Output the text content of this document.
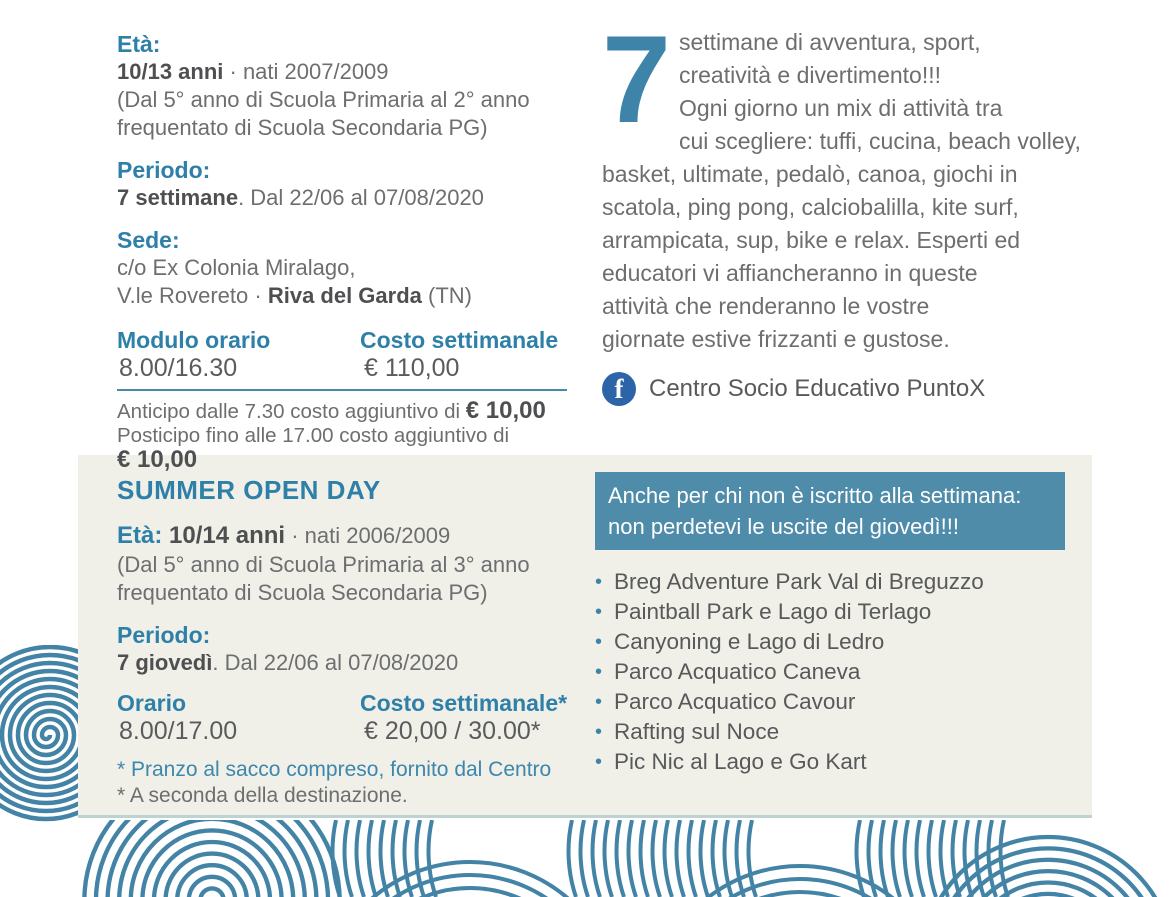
Età:
10/13 anni · nati 2007/2009
(Dal 5° anno di Scuola Primaria al 2° anno
frequentato di Scuola Secondaria PG)
Periodo:
7 settimane. Dal 22/06 al 07/08/2020
Sede:
c/o Ex Colonia Miralago,
V.le Rovereto · Riva del Garda (TN)
Modulo orario	Costo settimanale
8.00/16.30	€ 110,00
Anticipo dalle 7.30 costo aggiuntivo di € 10,00
Posticipo fino alle 17.00 costo aggiuntivo di
€ 10,00
7 settimane di avventura, sport,
creatività e divertimento!!!
Ogni giorno un mix di attività tra
cui scegliere: tuffi, cucina, beach volley,
basket, ultimate, pedalò, canoa, giochi in
scatola, ping pong, calciobalilla, kite surf,
arrampicata, sup, bike e relax. Esperti ed
educatori vi affiancheranno in queste
attività che renderanno le vostre
giornate estive frizzanti e gustose.
f	Centro Socio Educativo PuntoX
SUMMER OPEN DAY
Età: 10/14 anni · nati 2006/2009
(Dal 5° anno di Scuola Primaria al 3° anno
frequentato di Scuola Secondaria PG)
Periodo:
7 giovedì. Dal 22/06 al 07/08/2020
Orario	Costo settimanale*
8.00/17.00	€ 20,00 / 30.00*
* Pranzo al sacco compreso, fornito dal Centro
* A seconda della destinazione.
Anche per chi non è iscritto alla settimana:
non perdetevi le uscite del giovedì!!!
• Breg Adventure Park Val di Breguzzo
• Paintball Park e Lago di Terlago
• Canyoning e Lago di Ledro
• Parco Acquatico Caneva
• Parco Acquatico Cavour
• Rafting sul Noce
• Pic Nic al Lago e Go Kart
